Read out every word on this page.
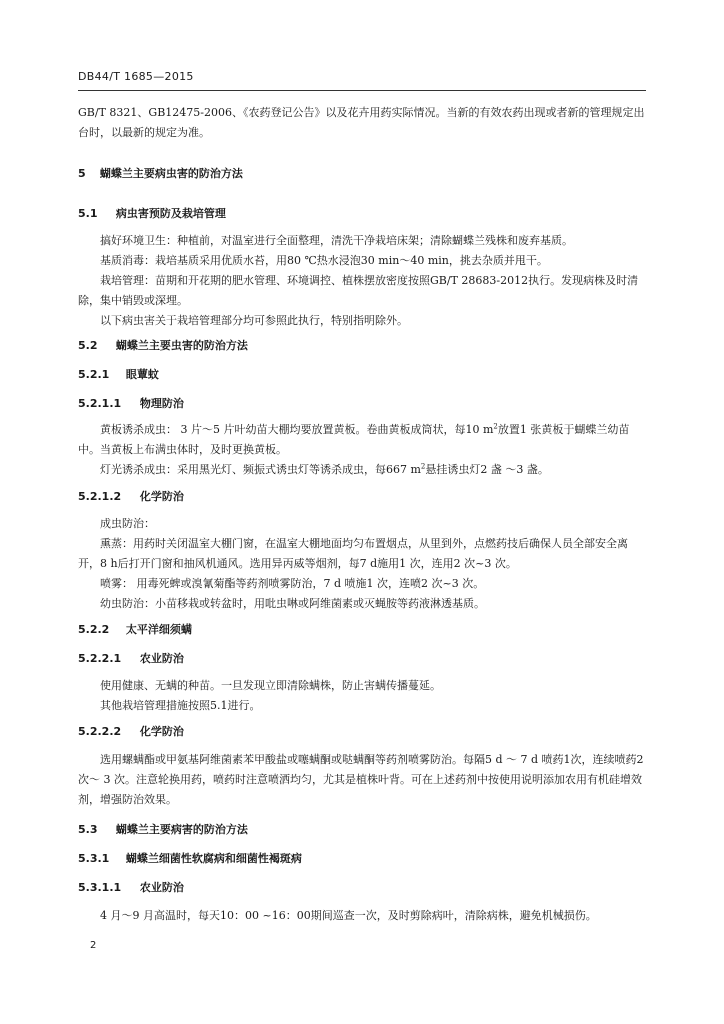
DB44/T 1685—2015

GB/T 8321、GB12475-2006、《农药登记公告》以及花卉用药实际情况。当新的有效农药出现或者新的管理规定出台时，以最新的规定为准。

5 蝴蝶兰主要病虫害的防治方法
5.1 病虫害预防及栽培管理

搞好环境卫生：种植前，对温室进行全面整理，清洗干净栽培床架；清除蝴蝶兰残株和废弃基质。

基质消毒：栽培基质采用优质水苔，用80 ℃热水浸泡30 min～40 min，挑去杂质并甩干。

栽培管理：苗期和开花期的肥水管理、环境调控、植株摆放密度按照GB/T 28683-2012执行。发现病株及时清除，集中销毁或深埋。

以下病虫害关于栽培管理部分均可参照此执行，特别指明除外。

5.2 蝴蝶兰主要虫害的防治方法
5.2.1 眼蕈蚊
5.2.1.1 物理防治

黄板诱杀成虫： 3 片～5 片叶幼苗大棚均要放置黄板。卷曲黄板成筒状，每10 $m^2$放置1 张黄板于蝴蝶兰幼苗中。当黄板上布满虫体时，及时更换黄板。

灯光诱杀成虫：采用黑光灯、频振式诱虫灯等诱杀成虫，每667 $m^2$悬挂诱虫灯2 盏 ～3 盏。

5.2.1.2 化学防治

成虫防治：

熏蒸：用药时关闭温室大棚门窗，在温室大棚地面均匀布置烟点，从里到外，点燃药技后确保人员全部安全离开，8 h后打开门窗和抽风机通风。选用异丙威等烟剂，每7 d施用1 次，连用2 次~3 次。

喷雾： 用毒死蜱或溴氰菊酯等药剂喷雾防治，7 d 喷施1 次，连喷2 次~3 次。

幼虫防治：小苗移栽或转盆时，用吡虫啉或阿维菌素或灭蝇胺等药液淋透基质。

5.2.2 太平洋细须螨
5.2.2.1 农业防治

使用健康、无螨的种苗。一旦发现立即清除螨株，防止害螨传播蔓延。

其他栽培管理措施按照5.1进行。

5.2.2.2 化学防治

选用螺螨酯或甲氨基阿维菌素苯甲酸盐或噻螨酮或哒螨酮等药剂喷雾防治。每隔5 d ～ 7 d 喷药1次，连续喷药2 次～ 3 次。注意轮换用药，喷药时注意喷洒均匀，尤其是植株叶背。可在上述药剂中按使用说明添加农用有机硅增效剂，增强防治效果。

5.3 蝴蝶兰主要病害的防治方法
5.3.1 蝴蝶兰细菌性软腐病和细菌性褐斑病
5.3.1.1 农业防治

4 月～9 月高温时，每天10：00 ~16：00期间巡查一次，及时剪除病叶，清除病株，避免机械损伤。

2
